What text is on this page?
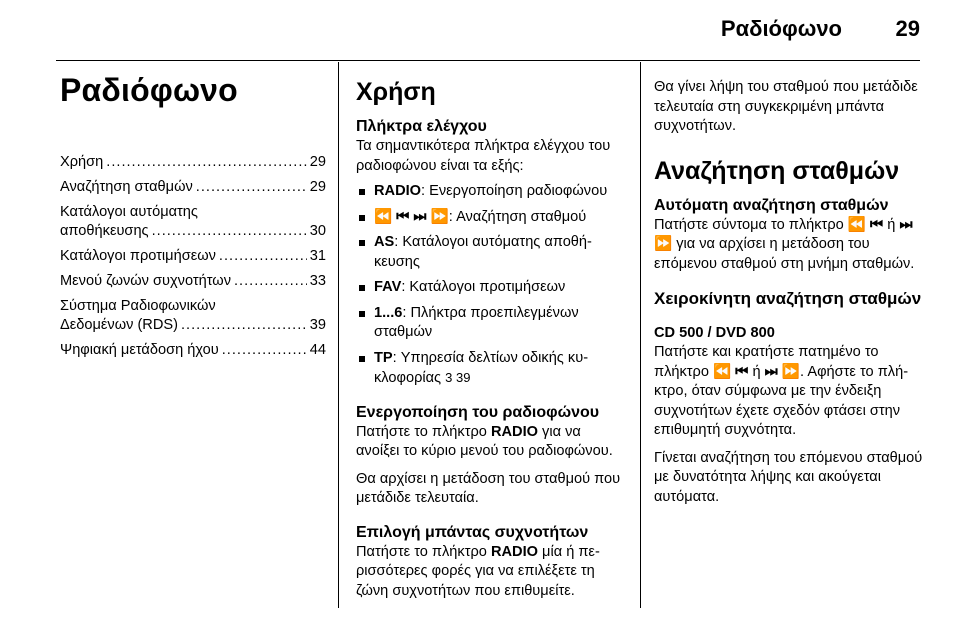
Ραδιόφωνο 29
Ραδιόφωνο
Χρήση .....	29
Αναζήτηση σταθμών .....	29
Κατάλογοι αυτόματης
αποθήκευσης .....	30
Κατάλογοι προτιμήσεων .....	31
Μενού ζωνών συχνοτήτων .....	33
Σύστημα Ραδιοφωνικών
Δεδομένων (RDS) .....	39
Ψηφιακή μετάδοση ήχου .....	44
Χρήση
Πλήκτρα ελέγχου

Τα σημαντικότερα πλήκτρα ελέγχου του ραδιοφώνου είναι τα εξής:

RADIO: Ενεργοποίηση ραδιοφώνου
⏪ ⏮ ⏭ ⏩: Αναζήτηση σταθμού
AS: Κατάλογοι αυτόματης αποθήκευσης
FAV: Κατάλογοι προτιμήσεων
1...6: Πλήκτρα προεπιλεγμένων σταθμών
TP: Υπηρεσία δελτίων οδικής κυκλοφορίας 3 39
Ενεργοποίηση του ραδιοφώνου

Πατήστε το πλήκτρο RADIO για να ανοίξει το κύριο μενού του ραδιοφώνου.

Θα αρχίσει η μετάδοση του σταθμού που μετάδιδε τελευταία.

Επιλογή μπάντας συχνοτήτων

Πατήστε το πλήκτρο RADIO μία ή περισσότερες φορές για να επιλέξετε τη ζώνη συχνοτήτων που επιθυμείτε.

Θα γίνει λήψη του σταθμού που μετάδιδε τελευταία στη συγκεκριμένη μπάντα συχνοτήτων.

Αναζήτηση σταθμών
Αυτόματη αναζήτηση σταθμών

Πατήστε σύντομα το πλήκτρο ⏪ ⏮ ή ⏭ ⏩ για να αρχίσει η μετάδοση του επόμενου σταθμού στη μνήμη σταθμών.

Χειροκίνητη αναζήτηση σταθμών
CD 500 / DVD 800

Πατήστε και κρατήστε πατημένο το πλήκτρο ⏪ ⏮ ή ⏭ ⏩. Αφήστε το πλήκτρο, όταν σύμφωνα με την ένδειξη συχνοτήτων έχετε σχεδόν φτάσει στην επιθυμητή συχνότητα.

Γίνεται αναζήτηση του επόμενου σταθμού με δυνατότητα λήψης και ακούγεται αυτόματα.
